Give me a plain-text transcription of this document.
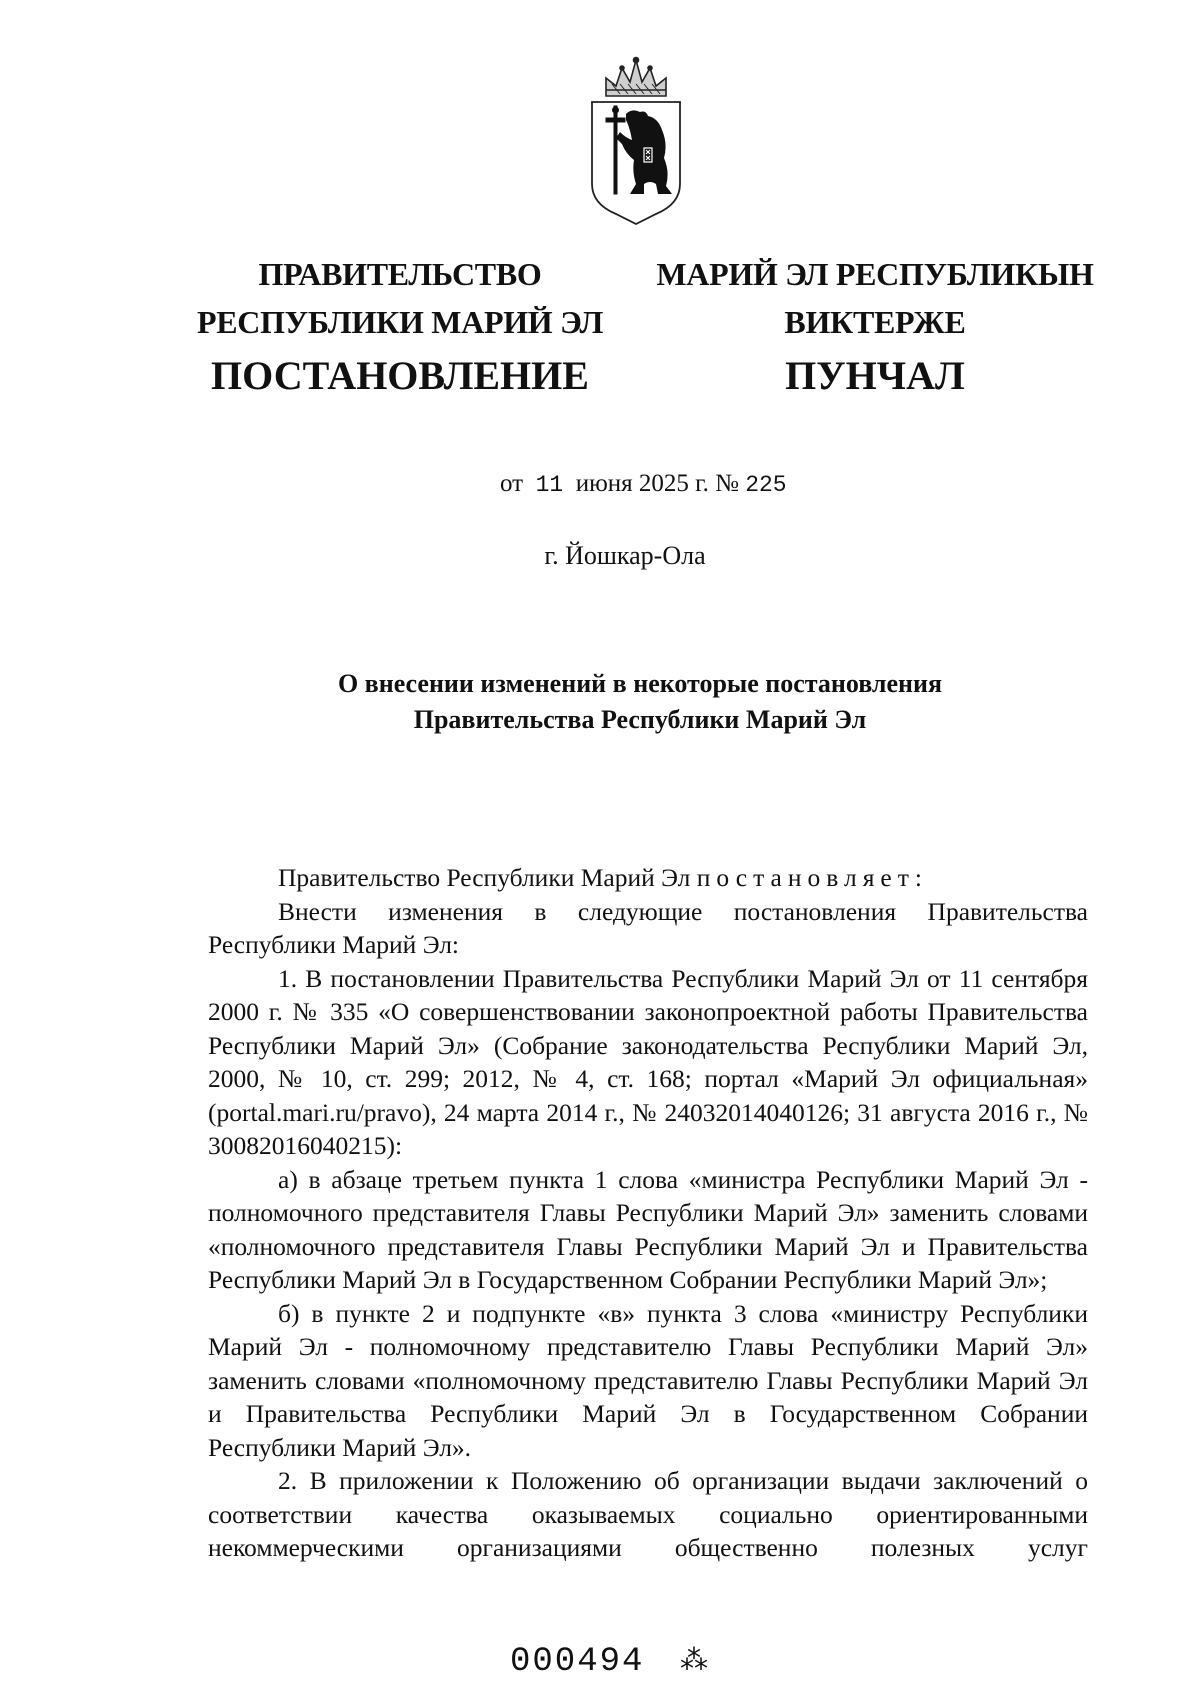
ПРАВИТЕЛЬСТВО
РЕСПУБЛИКИ МАРИЙ ЭЛ
ПОСТАНОВЛЕНИЕ
МАРИЙ ЭЛ РЕСПУБЛИКЫН
ВИКТЕРЖЕ
ПУНЧАЛ
от 11 июня 2025 г. № 225
г. Йошкар-Ола
О внесении изменений в некоторые постановления
Правительства Республики Марий Эл

Правительство Республики Марий Эл постановляет:

Внести изменения в следующие постановления Правительства Республики Марий Эл:

1. В постановлении Правительства Республики Марий Эл от 11 сентября 2000 г. № 335 «О совершенствовании законопроектной работы Правительства Республики Марий Эл» (Собрание законодательства Республики Марий Эл, 2000, № 10, ст. 299; 2012, № 4, ст. 168; портал «Марий Эл официальная» (portal.mari.ru/pravo), 24 марта 2014 г., № 24032014040126; 31 августа 2016 г., № 30082016040215):

а) в абзаце третьем пункта 1 слова «министра Республики Марий Эл - полномочного представителя Главы Республики Марий Эл» заменить словами «полномочного представителя Главы Республики Марий Эл и Правительства Республики Марий Эл в Государственном Собрании Республики Марий Эл»;

б) в пункте 2 и подпункте «в» пункта 3 слова «министру Республики Марий Эл - полномочному представителю Главы Республики Марий Эл» заменить словами «полномочному представителю Главы Республики Марий Эл и Правительства Республики Марий Эл в Государственном Собрании Республики Марий Эл».

2. В приложении к Положению об организации выдачи заключений о соответствии качества оказываемых социально ориентированными некоммерческими организациями общественно полезных услуг

000494 ⁂
